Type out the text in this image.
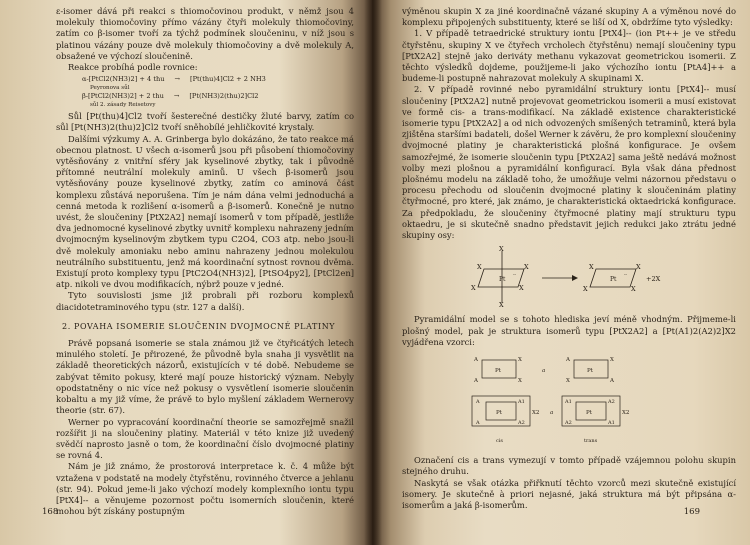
ε-isomer dává při reakci s thiomočovinou produkt, v němž jsou 4 molekuly thiomočoviny přímo vázány čtyři molekuly thiomočoviny, zatím co β-isomer tvoří za týchž podmínek sloučeninu, v níž jsou s platinou vázány pouze dvě molekuly thiomočoviny a dvě molekuly A, obsažené ve výchozí sloučenině.

Reakce probíhá podle rovnice:

α-[PtCl2(NH3)2] + 4 thu → [Pt(thu)4]Cl2 + 2 NH3
Peyronova sůl
β-[PtCl2(NH3)2] + 2 thu → [Pt(NH3)2(thu)2]Cl2
sůl 2. zásady Reisetovy

Sůl [Pt(thu)4]Cl2 tvoří šesterečné destičky žluté barvy, zatím co sůl [Pt(NH3)2(thu)2]Cl2 tvoří sněhobílé jehličkovité krystaly.

Dalšími výzkumy A. A. Grinberga bylo dokázáno, že tato reakce má obecnou platnost. U všech α-isomerů jsou při působení thiomočoviny vytěsňovány z vnitřní sféry jak kyselinové zbytky, tak i původně přítomné neutrální molekuly aminů. U všech β-isomerů jsou vytěsňovány pouze kyselinové zbytky, zatím co aminová část komplexu zůstává neporušena. Tím je nám dána velmi jednoduchá a cenná metoda k rozlišení α-isomerů a β-isomerů. Konečně je nutno uvést, že sloučeniny [PtX2A2] nemají isomerů v tom případě, jestliže dva jednomocné kyselinové zbytky uvnitř komplexu nahrazeny jedním dvojmocným kyselinovým zbytkem typu C2O4, CO3 atp. nebo jsou-li dvě molekuly amoniaku nebo aminu nahrazeny jednou molekulou neutrálního substituentu, jenž má koordinační sytnost rovnou dvěma. Existují proto komplexy typu [PtC2O4(NH3)2], [PtSO4py2], [PtCl2en] atp. nikoli ve dvou modifikacích, nýbrž pouze v jedné.

Tyto souvislosti jsme již probrali při rozboru komplexů diacidotetraminového typu (str. 127 a další).

2. POVAHA ISOMERIE SLOUČENIN DVOJMOCNÉ PLATINY

Právě popsaná isomerie se stala známou již ve čtyřicátých letech minulého století. Je přirozené, že původně byla snaha ji vysvětlit na základě theoretických názorů, existujících v té době. Nebudeme se zabývat těmito pokusy, které mají pouze historický význam. Nebyly opodstatněny o nic více než pokusy o vysvětlení isomerie sloučenin kobaltu a my již víme, že právě to bylo myšlení základem Wernerovy theorie (str. 67).

Werner po vypracování koordinační theorie se samozřejmě snažil rozšířit ji na sloučeniny platiny. Materiál v této knize již uvedený svědčí naprosto jasně o tom, že koordinační číslo dvojmocné platiny se rovná 4.

Nám je již známo, že prostorová interpretace k. č. 4 může být vztažena v podstatě na modely čtyřstěnu, rovinného čtverce a jehlanu (str. 94). Pokud jeme-li jako výchozí modely komplexního iontu typu [PtX4]-- a věnujeme pozornost počtu isomerních sloučenin, které mohou být získány postupným

168

výměnou skupin X za jiné koordinačně vázané skupiny A a výměnou nové do komplexu připojených substituenty, které se liší od X, obdržíme tyto výsledky:

1. V případě tetraedrické struktury iontu [PtX4]-- (ion Pt++ je ve středu čtyřstěnu, skupiny X ve čtyřech vrcholech čtyřstěnu) nemají sloučeniny typu [PtX2A2] stejně jako deriváty methanu vykazovat geometrickou isomerii. Z těchto výsledků dojdeme, použijeme-li jako výchozího iontu [PtA4]++ a budeme-li postupně nahrazovat molekuly A skupinami X.

2. V případě rovinné nebo pyramidální struktury iontu [PtX4]-- musí sloučeniny [PtX2A2] nutně projevovat geometrickou isomerii a musí existovat ve formě cis- a trans-modifikací. Na základě existence charakteristické isomerie typu [PtX2A2] a od nich odvozených smíšených tetraminů, která byla zjištěna staršími badateli, došel Werner k závěru, že pro komplexní sloučeniny dvojmocné platiny je charakteristická plošná konfigurace. Je ovšem samozřejmé, že isomerie sloučenin typu [PtX2A2] sama ještě nedává možnost volby mezi plošnou a pyramidální konfigurací. Byla však dána přednost plošnému modelu na základě toho, že umožňuje velmi názornou představu o procesu přechodu od sloučenin dvojmocné platiny k sloučeninám platiny čtyřmocné, pro které, jak známo, je charakteristická oktaedrická konfigurace. Za předpokladu, že sloučeniny čtyřmocné platiny mají strukturu typu oktaedru, je si skutečně snadno představit jejich redukci jako ztrátu jedné skupiny osy:

Pt
--
X
X
X	X
X	X
Pt
--
X	X
X	X
+2X

Pyramidální model se s tohoto hlediska jeví méně vhodným. Přijmeme-li plošný model, pak je struktura isomerů typu [PtX2A2] a [Pt(A1)2(A2)2]X2 vyjádřena vzorci:

Pt
A	X
A	X
a	Pt
A	X
X	A
Pt
A	A1
A	A2
X2 a	Pt
A1	A2
A2	A1
X2
cis	trans

Označení cis a trans vymezují v tomto případě vzájemnou polohu skupin stejného druhu.

Naskytá se však otázka přiřknutí těchto vzorců mezi skutečně existující isomery. Je skutečně à priori nejasné, jaká struktura má být připsána α-isomerům a jaká β-isomerům.

169
